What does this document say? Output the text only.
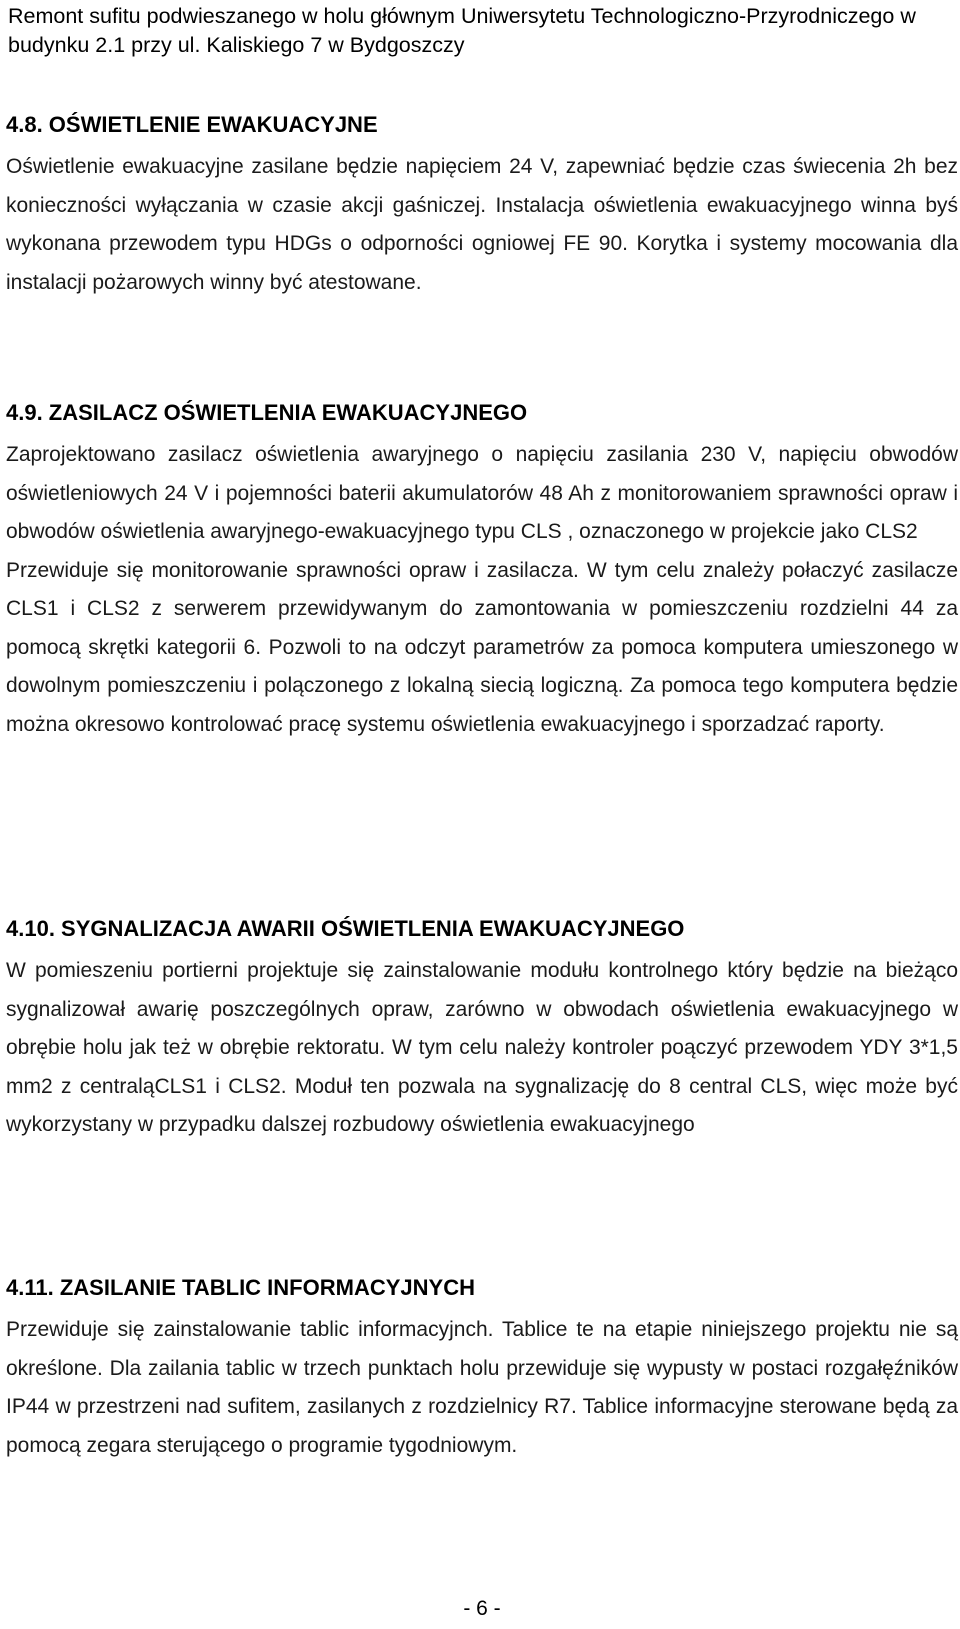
Remont sufitu podwieszanego w holu głównym Uniwersytetu Technologiczno-Przyrodniczego w budynku 2.1 przy ul. Kaliskiego 7 w Bydgoszczy

4.8. OŚWIETLENIE EWAKUACYJNE

Oświetlenie ewakuacyjne zasilane będzie napięciem 24 V, zapewniać będzie czas świecenia 2h bez konieczności wyłączania w czasie akcji gaśniczej. Instalacja oświetlenia ewakuacyjnego winna byś wykonana przewodem typu HDGs o odporności ogniowej FE 90. Korytka i systemy mocowania dla instalacji pożarowych winny być atestowane.

4.9. ZASILACZ OŚWIETLENIA EWAKUACYJNEGO

Zaprojektowano zasilacz oświetlenia awaryjnego o napięciu zasilania 230 V, napięciu obwodów oświetleniowych 24 V i pojemności baterii akumulatorów 48 Ah z monitorowaniem sprawności opraw i obwodów oświetlenia awaryjnego-ewakuacyjnego typu CLS , oznaczonego w projekcie jako CLS2

Przewiduje się monitorowanie sprawności opraw i zasilacza. W tym celu znależy połaczyć zasilacze CLS1 i CLS2 z serwerem przewidywanym do zamontowania w pomieszczeniu rozdzielni 44 za pomocą skrętki kategorii 6. Pozwoli to na odczyt parametrów za pomoca komputera umieszonego w dowolnym pomieszczeniu i polączonego z lokalną siecią logiczną. Za pomoca tego komputera będzie można okresowo kontrolować pracę systemu oświetlenia ewakuacyjnego i sporzadzać raporty.

4.10. SYGNALIZACJA AWARII OŚWIETLENIA EWAKUACYJNEGO

W pomieszeniu portierni projektuje się zainstalowanie modułu kontrolnego który będzie na bieżąco sygnalizował awarię poszczególnych opraw, zarówno w obwodach oświetlenia ewakuacyjnego w obrębie holu jak też w obrębie rektoratu. W tym celu należy kontroler poączyć przewodem YDY 3*1,5 mm2 z centraląCLS1 i CLS2. Moduł ten pozwala na sygnalizację do 8 central CLS, więc może być wykorzystany w przypadku dalszej rozbudowy oświetlenia ewakuacyjnego

4.11. ZASILANIE TABLIC INFORMACYJNYCH

Przewiduje się zainstalowanie tablic informacyjnch. Tablice te na etapie niniejszego projektu nie są określone. Dla zailania tablic w trzech punktach holu przewiduje się wypusty w postaci rozgałęźników IP44 w przestrzeni nad sufitem, zasilanych z rozdzielnicy R7. Tablice informacyjne sterowane będą za pomocą zegara sterującego o programie tygodniowym.

- 6 -
